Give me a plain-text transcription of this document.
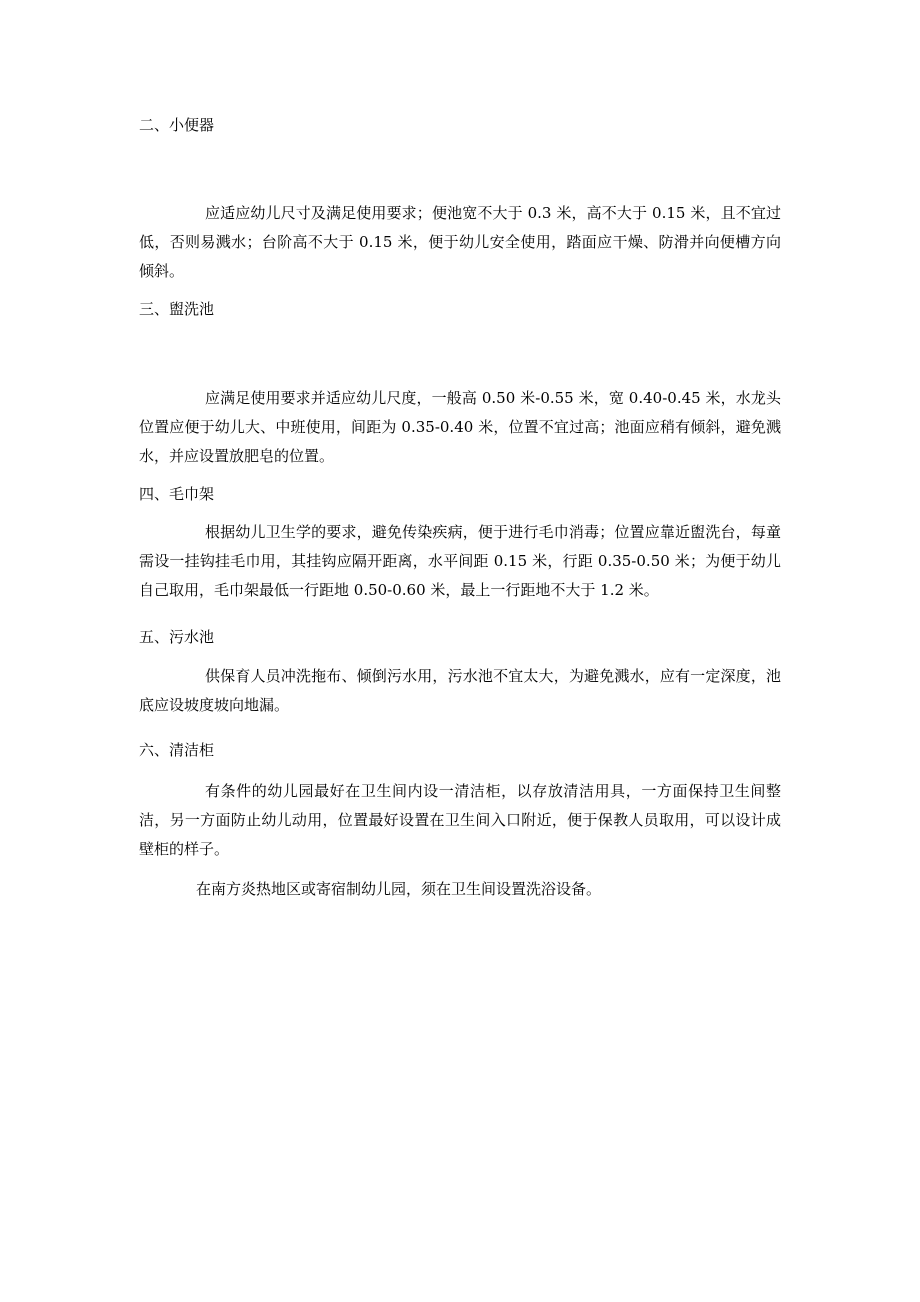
二、小便器
应适应幼儿尺寸及满足使用要求；便池宽不大于 0.3 米，高不大于 0.15 米，且不宜过低，否则易溅水；台阶高不大于 0.15 米，便于幼儿安全使用，踏面应干燥、防滑并向便槽方向倾斜。
三、盥洗池
应满足使用要求并适应幼儿尺度，一般高 0.50 米-0.55 米，宽 0.40-0.45 米，水龙头位置应便于幼儿大、中班使用，间距为 0.35-0.40 米，位置不宜过高；池面应稍有倾斜，避免溅水，并应设置放肥皂的位置。
四、毛巾架
根据幼儿卫生学的要求，避免传染疾病，便于进行毛巾消毒；位置应靠近盥洗台，每童需设一挂钩挂毛巾用，其挂钩应隔开距离，水平间距 0.15 米，行距 0.35-0.50 米；为便于幼儿自己取用，毛巾架最低一行距地 0.50-0.60 米，最上一行距地不大于 1.2 米。
五、污水池
供保育人员冲洗拖布、倾倒污水用，污水池不宜太大，为避免溅水，应有一定深度，池底应设坡度坡向地漏。
六、清洁柜
有条件的幼儿园最好在卫生间内设一清洁柜，以存放清洁用具，一方面保持卫生间整洁，另一方面防止幼儿动用，位置最好设置在卫生间入口附近，便于保教人员取用，可以设计成壁柜的样子。
在南方炎热地区或寄宿制幼儿园，须在卫生间设置洗浴设备。
